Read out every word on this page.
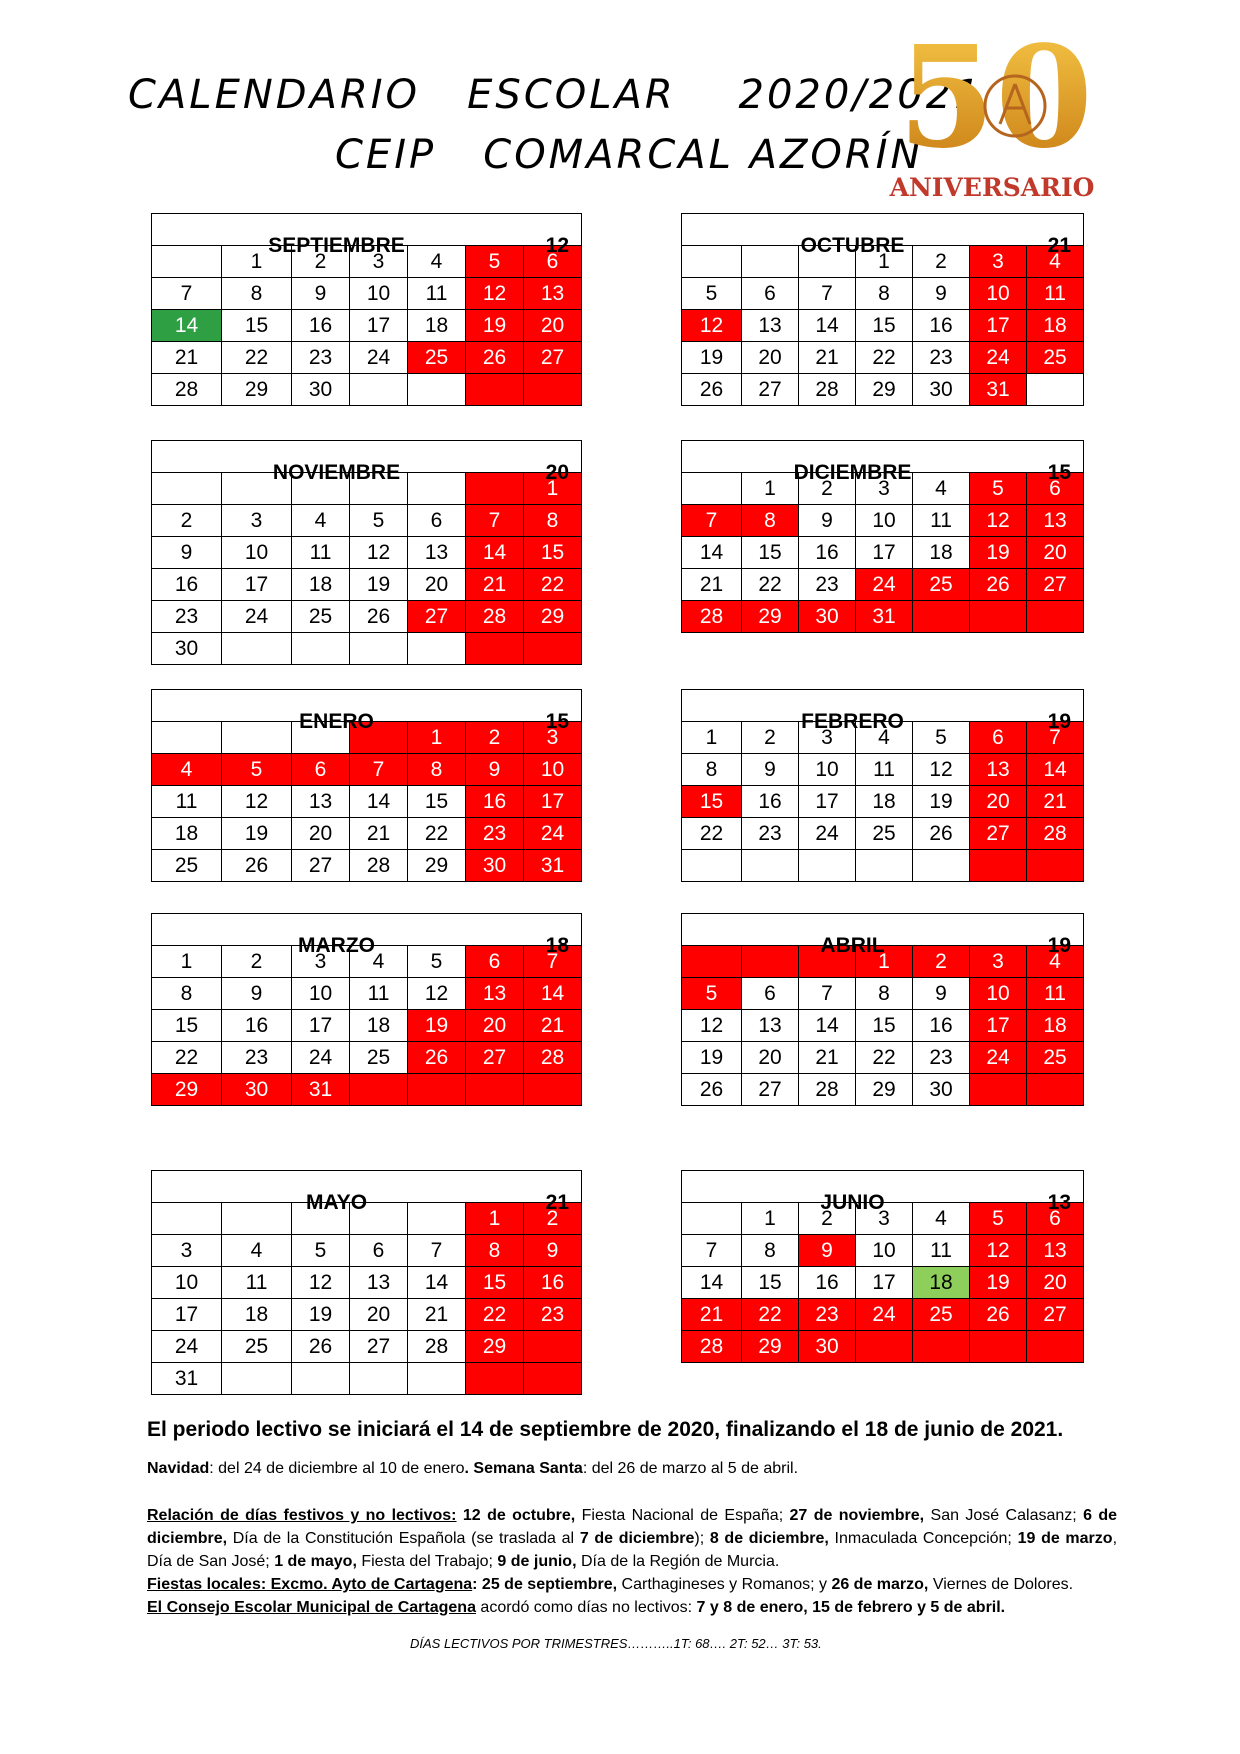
CALENDARIO   ESCOLAR    2020/2021
CEIP   COMARCAL AZORÍN
50
ANIVERSARIO
SEPTIEMBRE 12						

	1	2	3	4	5	6
7	8	9	10	11	12	13
14	15	16	17	18	19	20
21	22	23	24	25	26	27
28	29	30				
OCTUBRE 21						

			1	2	3	4
5	6	7	8	9	10	11
12	13	14	15	16	17	18
19	20	21	22	23	24	25
26	27	28	29	30	31	
NOVIEMBRE 20						

						1
2	3	4	5	6	7	8
9	10	11	12	13	14	15
16	17	18	19	20	21	22
23	24	25	26	27	28	29
30						
DICIEMBRE 15						

	1	2	3	4	5	6
7	8	9	10	11	12	13
14	15	16	17	18	19	20
21	22	23	24	25	26	27
28	29	30	31			
ENERO 15						

				1	2	3
4	5	6	7	8	9	10
11	12	13	14	15	16	17
18	19	20	21	22	23	24
25	26	27	28	29	30	31
FEBRERO 19						

1	2	3	4	5	6	7
8	9	10	11	12	13	14
15	16	17	18	19	20	21
22	23	24	25	26	27	28

MARZO 18						

1	2	3	4	5	6	7
8	9	10	11	12	13	14
15	16	17	18	19	20	21
22	23	24	25	26	27	28
29	30	31				
ABRIL 19						

			1	2	3	4
5	6	7	8	9	10	11
12	13	14	15	16	17	18
19	20	21	22	23	24	25
26	27	28	29	30		
MAYO 21						

					1	2
3	4	5	6	7	8	9
10	11	12	13	14	15	16
17	18	19	20	21	22	23
24	25	26	27	28	29	
31						
JUNIO 13						

	1	2	3	4	5	6
7	8	9	10	11	12	13
14	15	16	17	18	19	20
21	22	23	24	25	26	27
28	29	30				
El periodo lectivo se iniciará el 14 de septiembre de 2020, finalizando el 18 de junio de 2021.
Navidad: del 24 de diciembre al 10 de enero. Semana Santa: del 26 de marzo al 5 de abril.
Relación de días festivos y no lectivos: 12 de octubre, Fiesta Nacional de España; 27 de noviembre, San José Calasanz; 6 de diciembre, Día de la Constitución Española (se traslada al 7 de diciembre); 8 de diciembre, Inmaculada Concepción; 19 de marzo, Día de San José; 1 de mayo, Fiesta del Trabajo; 9 de junio, Día de la Región de Murcia.
Fiestas locales: Excmo. Ayto de Cartagena: 25 de septiembre, Carthagineses y Romanos; y 26 de marzo, Viernes de Dolores.
El Consejo Escolar Municipal de Cartagena acordó como días no lectivos: 7 y 8 de enero, 15 de febrero y 5 de abril.
DÍAS LECTIVOS POR TRIMESTRES………..1T: 68…. 2T: 52… 3T: 53.
